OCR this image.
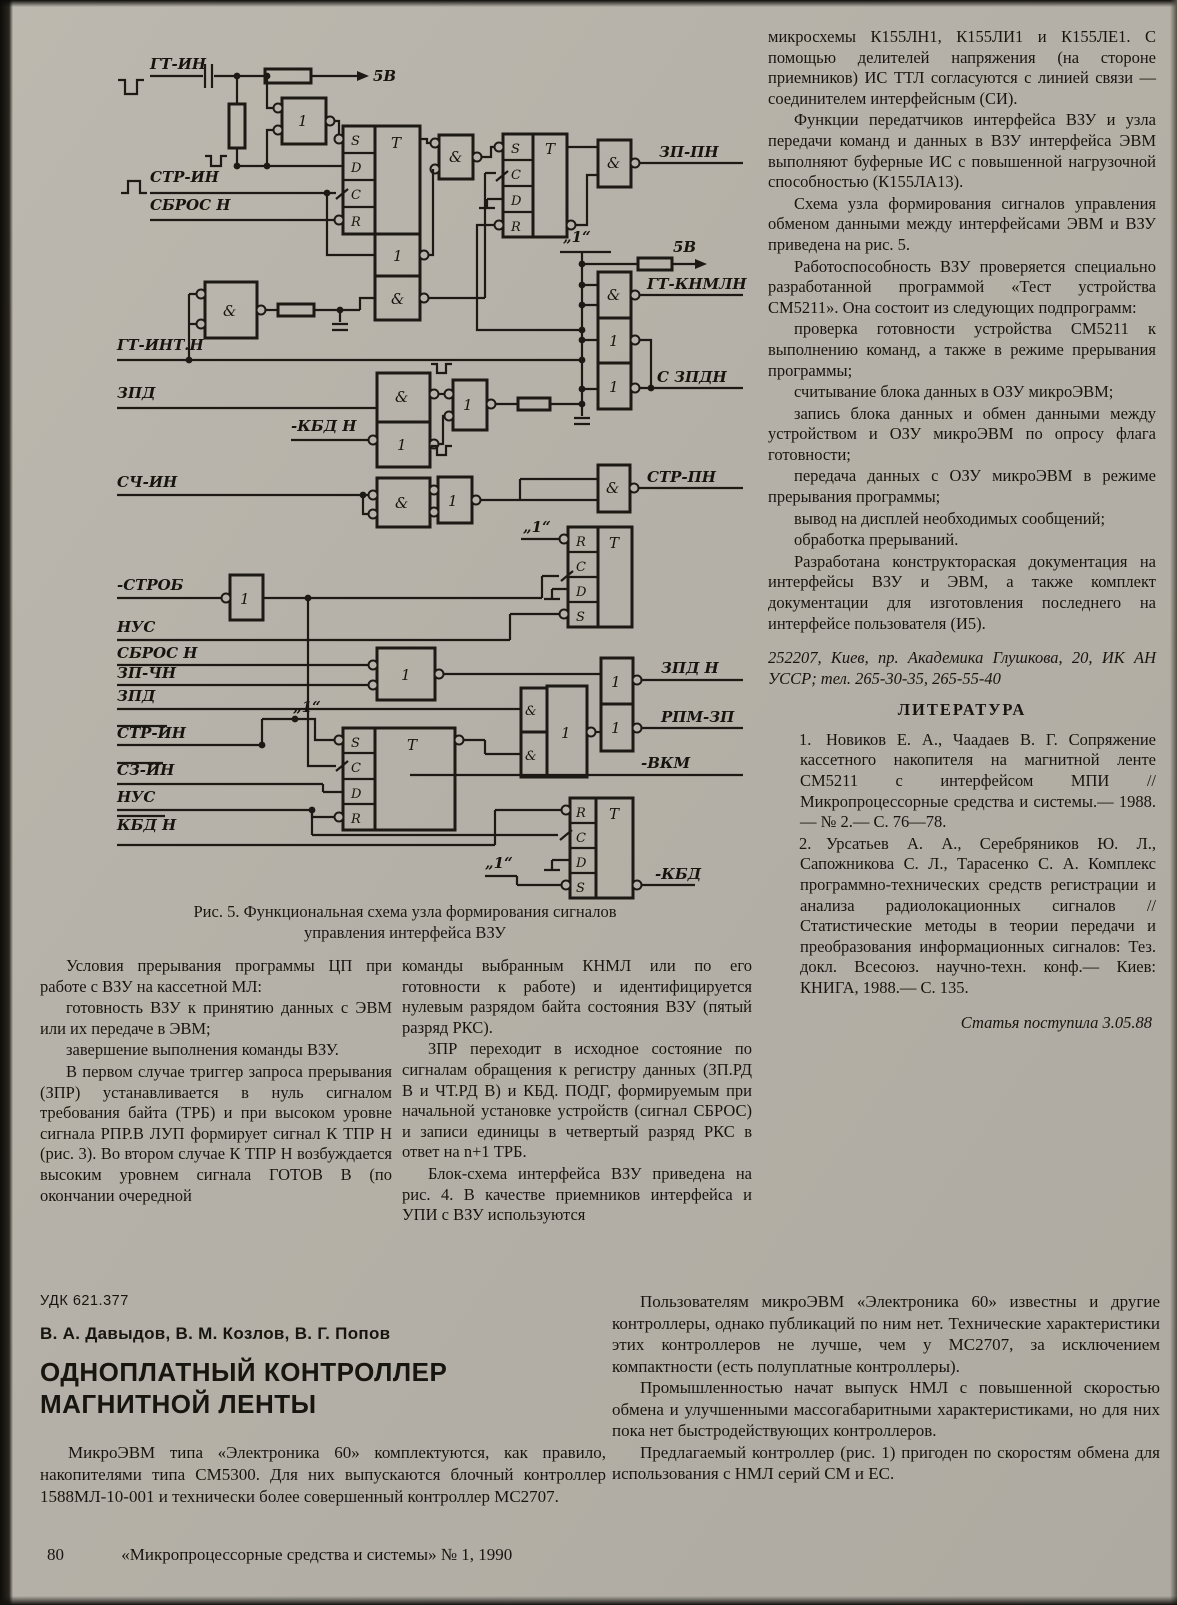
ГТ-ИН
5В
1
S
D
C
R
T
СТР-ИН
СБРОС Н
1
&
&
&	S
C
D
R
T
&
ЗП-ПН
„1“
5В
&
1
1
ГТ-КНМЛН
С ЗПДН
ГТ-ИНТ.Н
ЗПД	&
1
-КБД Н
1
СЧ-ИН
&	1
&
СТР-ПН
R
C
D
S
T
„1“
-СТРОБ
1
НУС
СБРОС Н
ЗП-ЧН	1
ЗПД
СТР-ИН
„1“
S
C
D
R
T
СЗ-ИН
НУС
КБД Н
&
&
1
1
ЗПД Н
1
РПМ-ЗП
-ВКМ
R
C
D
S
T
„1“
-КБД
Рис. 5. Функциональная схема узла формирования сигналов
управления интерфейса ВЗУ

Условия прерывания программы ЦП при работе с ВЗУ на кассетной МЛ:

готовность ВЗУ к принятию данных с ЭВМ или их передаче в ЭВМ;

завершение выполнения команды ВЗУ.

В первом случае триггер запроса прерывания (ЗПР) устанавливается в нуль сигналом требования байта (ТРБ) и при высоком уровне сигнала РПР.В ЛУП формирует сигнал К ТПР Н (рис. 3). Во втором случае К ТПР Н возбуждается высоким уровнем сигнала ГОТОВ В (по окончании очередной

команды выбранным КНМЛ или по его готовности к работе) и идентифицируется нулевым разрядом байта состояния ВЗУ (пятый разряд РКС).

ЗПР переходит в исходное состояние по сигналам обращения к регистру данных (ЗП.РД В и ЧТ.РД В) и КБД. ПОДГ, формируемым при начальной установке устройств (сигнал СБРОС) и записи единицы в четвертый разряд РКС в ответ на n+1 ТРБ.

Блок-схема интерфейса ВЗУ приведена на рис. 4. В качестве приемников интерфейса и УПИ с ВЗУ используются

микросхемы К155ЛН1, К155ЛИ1 и К155ЛЕ1. С помощью делителей напряжения (на стороне приемников) ИС ТТЛ согласуются с линией связи — соединителем интерфейсным (СИ).

Функции передатчиков интерфейса ВЗУ и узла передачи команд и данных в ВЗУ интерфейса ЭВМ выполняют буферные ИС с повышенной нагрузочной способностью (К155ЛА13).

Схема узла формирования сигналов управления обменом данными между интерфейсами ЭВМ и ВЗУ приведена на рис. 5.

Работоспособность ВЗУ проверяется специально разработанной программой «Тест устройства СМ5211». Она состоит из следующих подпрограмм:

проверка готовности устройства СМ5211 к выполнению команд, а также в режиме прерывания программы;

считывание блока данных в ОЗУ микроЭВМ;

запись блока данных и обмен данными между устройством и ОЗУ микроЭВМ по опросу флага готовности;

передача данных с ОЗУ микроЭВМ в режиме прерывания программы;

вывод на дисплей необходимых сообщений;

обработка прерываний.

Разработана конструктораская документация на интерфейсы ВЗУ и ЭВМ, а также комплект документации для изготовления последнего на интерфейсе пользователя (И5).

252207, Киев, пр. Академика Глушкова, 20, ИК АН УССР; тел. 265-30-35, 265-55-40
ЛИТЕРАТУРА

1. Новиков Е. А., Чаадаев В. Г. Сопряжение кассетного накопителя на магнитной ленте СМ5211 с интерфейсом МПИ // Микропроцессорные средства и системы.— 1988.— № 2.— С. 76—78.

2. Урсатьев А. А., Серебряников Ю. Л., Сапожникова С. Л., Тарасенко С. А. Комплекс программно-технических средств регистрации и анализа радиолокационных сигналов // Статистические методы в теории передачи и преобразования информационных сигналов: Тез. докл. Всесоюз. научно-техн. конф.— Киев: КНИГА, 1988.— С. 135.

Статья поступила 3.05.88
УДК 621.377
В. А. Давыдов, В. М. Козлов, В. Г. Попов
ОДНОПЛАТНЫЙ КОНТРОЛЛЕР
МАГНИТНОЙ ЛЕНТЫ

МикроЭВМ типа «Электроника 60» комплектуются, как правило, накопителями типа СМ5300. Для них выпускаются блочный контроллер 1588МЛ-10-001 и технически более совершенный контроллер МС2707.

Пользователям микроЭВМ «Электроника 60» известны и другие контроллеры, однако публикаций по ним нет. Технические характеристики этих контроллеров не лучше, чем у МС2707, за исключением компактности (есть полуплатные контроллеры).

Промышленностью начат выпуск НМЛ с повышенной скоростью обмена и улучшенными массогабаритными характеристиками, но для них пока нет быстродействующих контроллеров.

Предлагаемый контроллер (рис. 1) пригоден по скоростям обмена для использования с НМЛ серий СМ и ЕС.

80	«Микропроцессорные средства и системы» № 1, 1990
